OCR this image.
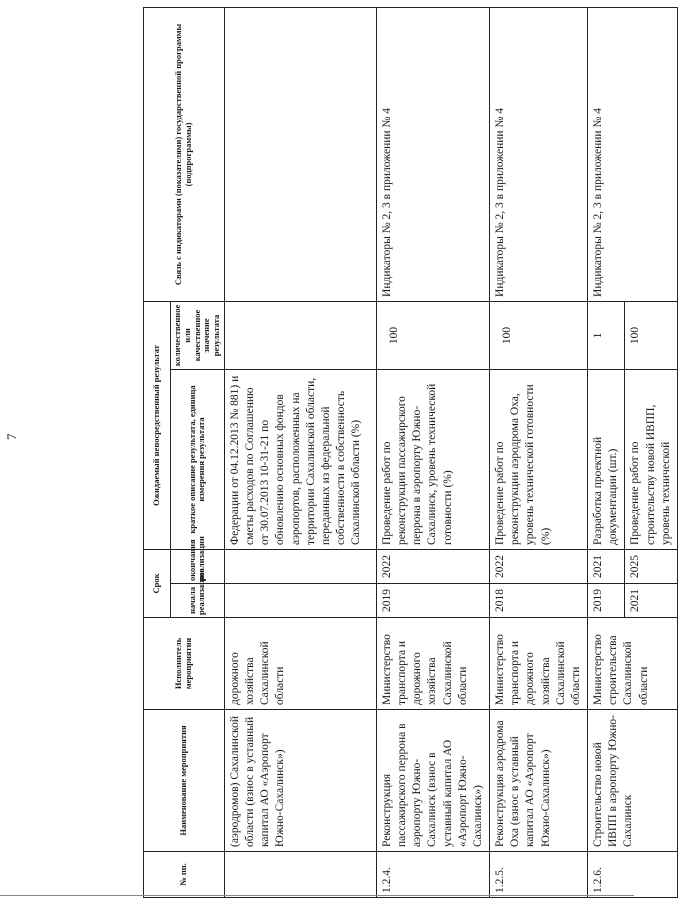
7
№ пп.	Наименование мероприятия	Исполнитель мероприятия	Срок		Ожидаемый непосредственный результат		Связь с индикаторами (показателями) государственной программы (подпрограммы)
			начала реализации	окончания реализации	краткое описание результата, единица измерения результата	количественное или качественное значение результата	
	(аэродромов) Сахалинской области (взнос в уставный капитал АО «Аэропорт Южно-Сахалинск»)	дорожного хозяйства Сахалинской области			Федерации от 04.12.2013 № 881) и сметы расходов по Соглашению от 30.07.2013 10-31-21 по обновлению основных фондов аэропортов, расположенных на территории Сахалинской области, переданных из федеральной собственности в собственность Сахалинской области (%)		
1.2.4.	Реконструкция пассажирского перрона в аэропорту Южно-Сахалинск (взнос в уставный капитал АО «Аэропорт Южно-Сахалинск»)	Министерство транспорта и дорожного хозяйства Сахалинской области	2019	2022	Проведение работ по реконструкции пассажирского перрона в аэропорту Южно-Сахалинск, уровень технической готовности (%)	100	Индикаторы № 2, 3 в приложении № 4
1.2.5.	Реконструкция аэродрома Оха (взнос в уставный капитал АО «Аэропорт Южно-Сахалинск»)	Министерство транспорта и дорожного хозяйства Сахалинской области	2018	2022	Проведение работ по реконструкции аэродрома Оха, уровень технической готовности (%)	100	Индикаторы № 2, 3 в приложении № 4
1.2.6.	Строительство новой ИВПП в аэропорту Южно-Сахалинск	Министерство строительства Сахалинской области	2019	2021	Разработка проектной документации (шт.)	1	Индикаторы № 2, 3 в приложении № 4
			2021	2025	Проведение работ по строительству новой ИВПП, уровень технической	100	
